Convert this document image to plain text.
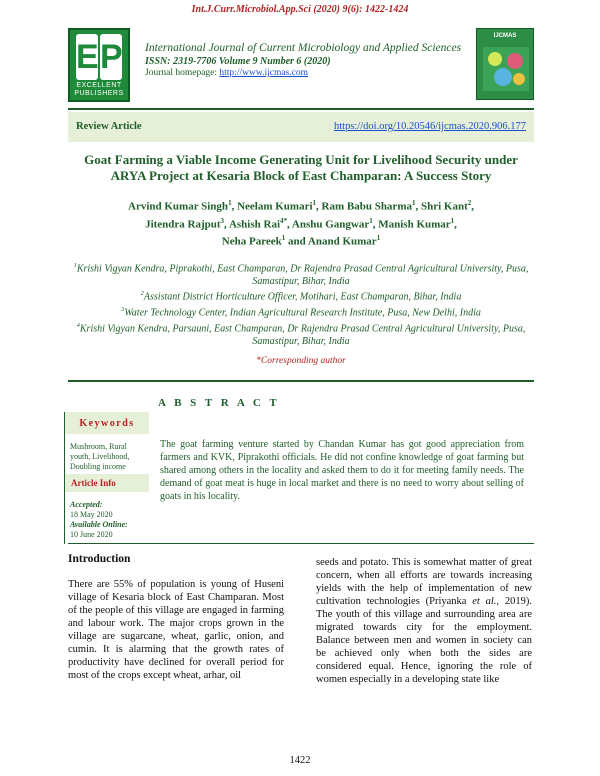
Int.J.Curr.Microbiol.App.Sci (2020) 9(6): 1422-1424
E P
EXCELLENT PUBLISHERS
International Journal of Current Microbiology and Applied Sciences
ISSN: 2319-7706 Volume 9 Number 6 (2020)
Journal homepage: http://www.ijcmas.com
IJCMAS
Review Article	https://doi.org/10.20546/ijcmas.2020.906.177
Goat Farming a Viable Income Generating Unit for Livelihood Security under ARYA Project at Kesaria Block of East Champaran: A Success Story
Arvind Kumar Singh$^1$, Neelam Kumari$^1$, Ram Babu Sharma$^1$, Shri Kant$^2$,
Jitendra Rajput$^3$, Ashish Rai$^{4*}$, Anshu Gangwar$^1$, Manish Kumar$^1$,
Neha Pareek$^1$ and Anand Kumar$^1$
$^1$Krishi Vigyan Kendra, Piprakothi, East Champaran, Dr Rajendra Prasad Central Agricultural University, Pusa, Samastipur, Bihar, India
$^2$Assistant District Horticulture Officer, Motihari, East Champaran, Bihar, India
$^3$Water Technology Center, Indian Agricultural Research Institute, Pusa, New Delhi, India
$^4$Krishi Vigyan Kendra, Parsauni, East Champaran, Dr Rajendra Prasad Central Agricultural University, Pusa, Samastipur, Bihar, India
*Corresponding author
A B S T R A C T
Keywords
Mushroom, Rural youth, Livelihood, Doubling income
Article Info
Accepted:
18 May 2020
Available Online:
10 June 2020
The goat farming venture started by Chandan Kumar has got good appreciation from farmers and KVK, Piprakothi officials. He did not confine knowledge of goat farming but shared among others in the locality and asked them to do it for meeting family needs. The demand of goat meat is huge in local market and there is no need to worry about selling of goats in his locality.
Introduction
There are 55% of population is young of Huseni village of Kesaria block of East Champaran. Most of the people of this village are engaged in farming and labour work. The major crops grown in the village are sugarcane, wheat, garlic, onion, and cumin. It is alarming that the growth rates of productivity have declined for overall period for most of the crops except wheat, arhar, oil
seeds and potato. This is somewhat matter of great concern, when all efforts are towards increasing yields with the help of implementation of new cultivation technologies (Priyanka et al., 2019). The youth of this village and surrounding area are migrated towards city for the employment. Balance between men and women in society can be achieved only when both the sides are considered equal. Hence, ignoring the role of women especially in a developing state like
1422
